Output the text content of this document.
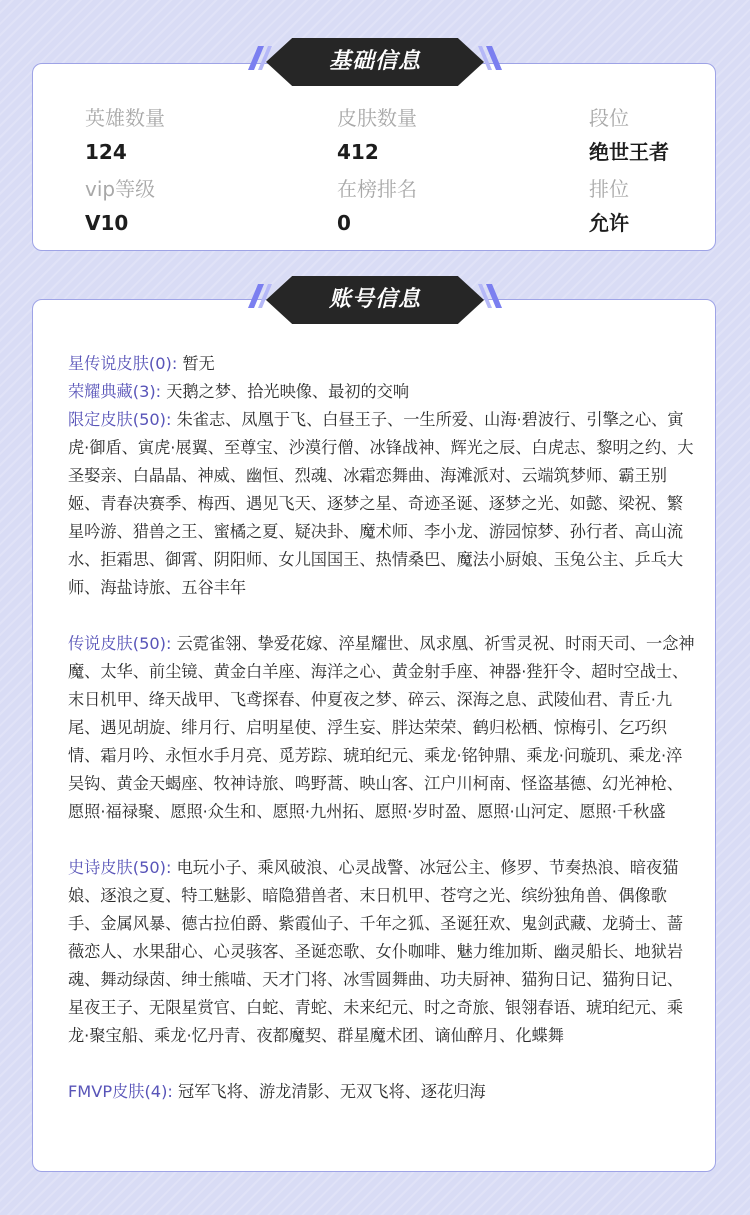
英雄数量
124
皮肤数量
412
段位
绝世王者
vip等级
V10
在榜排名
0
排位
允许
基础信息
账号信息
星传说皮肤(0): 暂无
荣耀典藏(3): 天鹅之梦、拾光映像、最初的交响
限定皮肤(50): 朱雀志、凤凰于飞、白昼王子、一生所爱、山海·碧波行、引擎之心、寅虎·御盾、寅虎·展翼、至尊宝、沙漠行僧、冰锋战神、辉光之辰、白虎志、黎明之约、大圣娶亲、白晶晶、神威、幽恒、烈魂、冰霜恋舞曲、海滩派对、云端筑梦师、霸王别姬、青春决赛季、梅西、遇见飞天、逐梦之星、奇迹圣诞、逐梦之光、如懿、梁祝、繁星吟游、猎兽之王、蜜橘之夏、疑决卦、魔术师、李小龙、游园惊梦、孙行者、高山流水、拒霜思、御霄、阴阳师、女儿国国王、热情桑巴、魔法小厨娘、玉兔公主、乒乓大师、海盐诗旅、五谷丰年
传说皮肤(50): 云霓雀翎、挚爱花嫁、淬星耀世、凤求凰、祈雪灵祝、时雨天司、一念神魔、太华、前尘镜、黄金白羊座、海洋之心、黄金射手座、神器·狴犴令、超时空战士、末日机甲、绛天战甲、飞鸢探春、仲夏夜之梦、碎云、深海之息、武陵仙君、青丘·九尾、遇见胡旋、绯月行、启明星使、浮生妄、胖达荣荣、鹤归松栖、惊梅引、乞巧织情、霜月吟、永恒水手月亮、觅芳踪、琥珀纪元、乘龙·铭钟鼎、乘龙·问璇玑、乘龙·淬吴钩、黄金天蝎座、牧神诗旅、鸣野蒿、映山客、江户川柯南、怪盗基德、幻光神枪、愿照·福禄聚、愿照·众生和、愿照·九州拓、愿照·岁时盈、愿照·山河定、愿照·千秋盛
史诗皮肤(50): 电玩小子、乘风破浪、心灵战警、冰冠公主、修罗、节奏热浪、暗夜猫娘、逐浪之夏、特工魅影、暗隐猎兽者、末日机甲、苍穹之光、缤纷独角兽、偶像歌手、金属风暴、德古拉伯爵、紫霞仙子、千年之狐、圣诞狂欢、鬼剑武藏、龙骑士、蔷薇恋人、水果甜心、心灵骇客、圣诞恋歌、女仆咖啡、魅力维加斯、幽灵船长、地狱岩魂、舞动绿茵、绅士熊喵、天才门将、冰雪圆舞曲、功夫厨神、猫狗日记、猫狗日记、星夜王子、无限星赏官、白蛇、青蛇、未来纪元、时之奇旅、银翎春语、琥珀纪元、乘龙·聚宝船、乘龙·忆丹青、夜都魔契、群星魔术团、谪仙醉月、化蝶舞
FMVP皮肤(4): 冠军飞将、游龙清影、无双飞将、逐花归海
